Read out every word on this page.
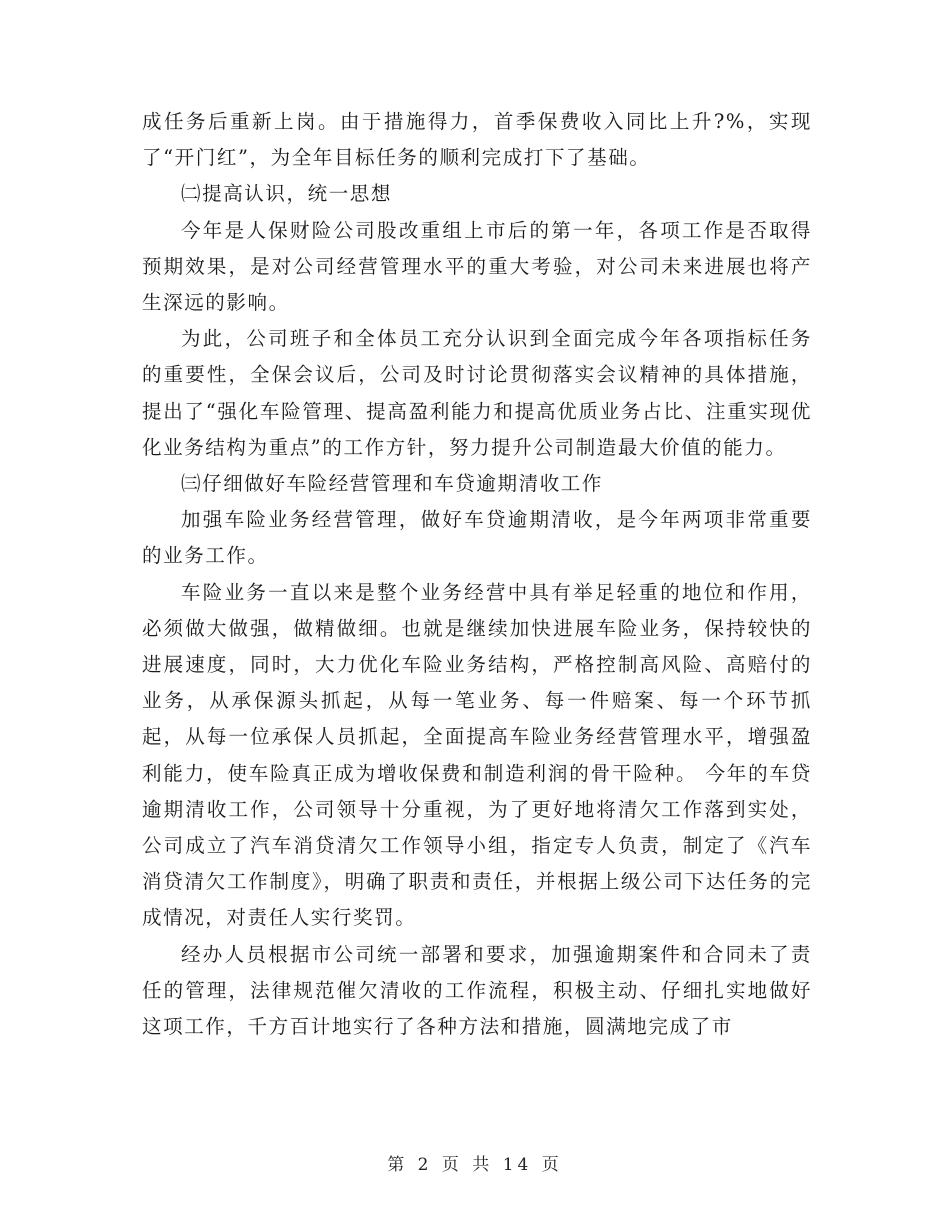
成任务后重新上岗。由于措施得力，首季保费收入同比上升?%，实现了“开门红”，为全年目标任务的顺利完成打下了基础。

㈡提高认识，统一思想

今年是人保财险公司股改重组上市后的第一年，各项工作是否取得预期效果，是对公司经营管理水平的重大考验，对公司未来进展也将产生深远的影响。

为此，公司班子和全体员工充分认识到全面完成今年各项指标任务的重要性，全保会议后，公司及时讨论贯彻落实会议精神的具体措施，提出了“强化车险管理、提高盈利能力和提高优质业务占比、注重实现优化业务结构为重点”的工作方针，努力提升公司制造最大价值的能力。

㈢仔细做好车险经营管理和车贷逾期清收工作

加强车险业务经营管理，做好车贷逾期清收，是今年两项非常重要的业务工作。

车险业务一直以来是整个业务经营中具有举足轻重的地位和作用，必须做大做强，做精做细。也就是继续加快进展车险业务，保持较快的进展速度，同时，大力优化车险业务结构，严格控制高风险、高赔付的业务，从承保源头抓起，从每一笔业务、每一件赔案、每一个环节抓起，从每一位承保人员抓起，全面提高车险业务经营管理水平，增强盈利能力，使车险真正成为增收保费和制造利润的骨干险种。 今年的车贷逾期清收工作，公司领导十分重视，为了更好地将清欠工作落到实处，公司成立了汽车消贷清欠工作领导小组，指定专人负责，制定了《汽车消贷清欠工作制度》，明确了职责和责任，并根据上级公司下达任务的完成情况，对责任人实行奖罚。

经办人员根据市公司统一部署和要求，加强逾期案件和合同未了责任的管理，法律规范催欠清收的工作流程，积极主动、仔细扎实地做好这项工作，千方百计地实行了各种方法和措施，圆满地完成了市

第 2 页 共 14 页
